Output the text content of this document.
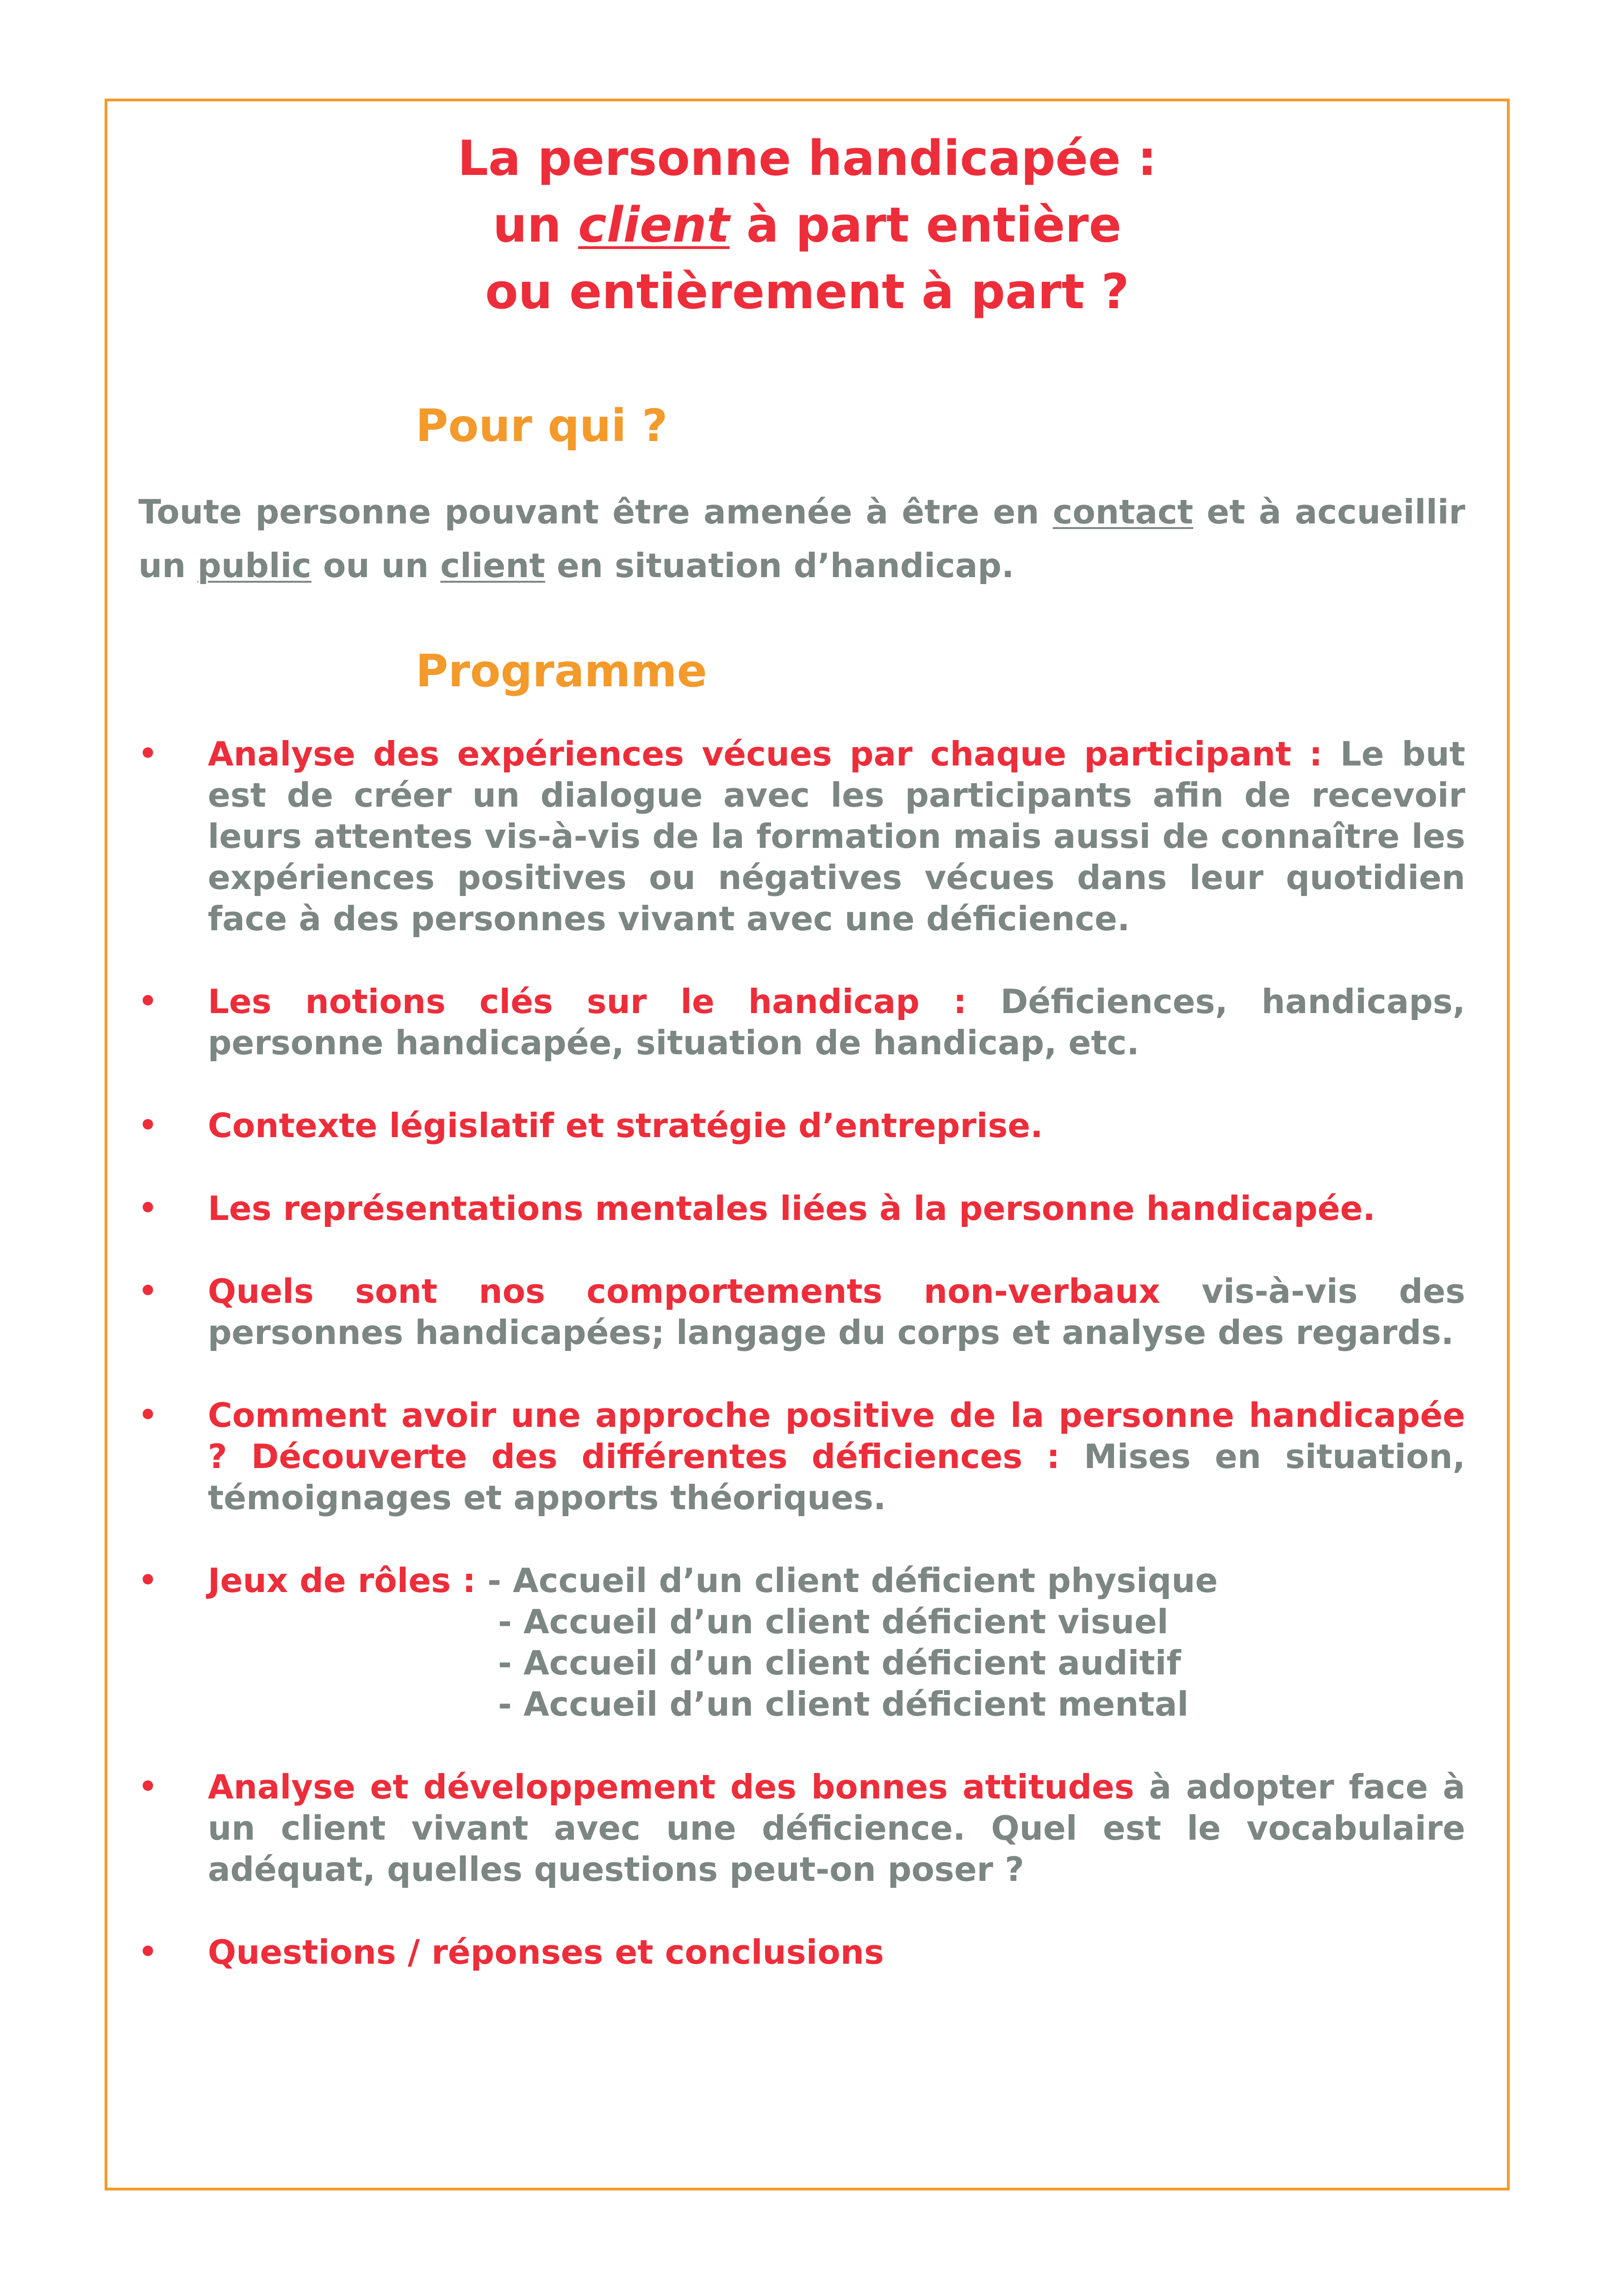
La personne handicapée :
un client à part entière
ou entièrement à part ?
Pour qui ?
Toute personne pouvant être amenée à être en contact et à accueillir un public ou un client en situation d’handicap.
Programme
• Analyse des expériences vécues par chaque participant : Le but est de créer un dialogue avec les participants afin de recevoir leurs attentes vis-à-vis de la formation mais aussi de connaître les expériences positives ou négatives vécues dans leur quotidien face à des personnes vivant avec une déficience.
• Les notions clés sur le handicap : Déficiences, handicaps, personne handicapée, situation de handicap, etc.
• Contexte législatif et stratégie d’entreprise.
• Les représentations mentales liées à la personne handicapée.
• Quels sont nos comportements non-verbaux vis-à-vis des personnes handicapées; langage du corps et analyse des regards.
• Comment avoir une approche positive de la personne handicapée ? Découverte des différentes déficiences : Mises en situation, témoignages et apports théoriques.
• Jeux de rôles : - Accueil d’un client déficient physique
- Accueil d’un client déficient visuel
- Accueil d’un client déficient auditif
- Accueil d’un client déficient mental
• Analyse et développement des bonnes attitudes à adopter face à un client vivant avec une déficience. Quel est le vocabulaire adéquat, quelles questions peut-on poser ?
• Questions / réponses et conclusions
